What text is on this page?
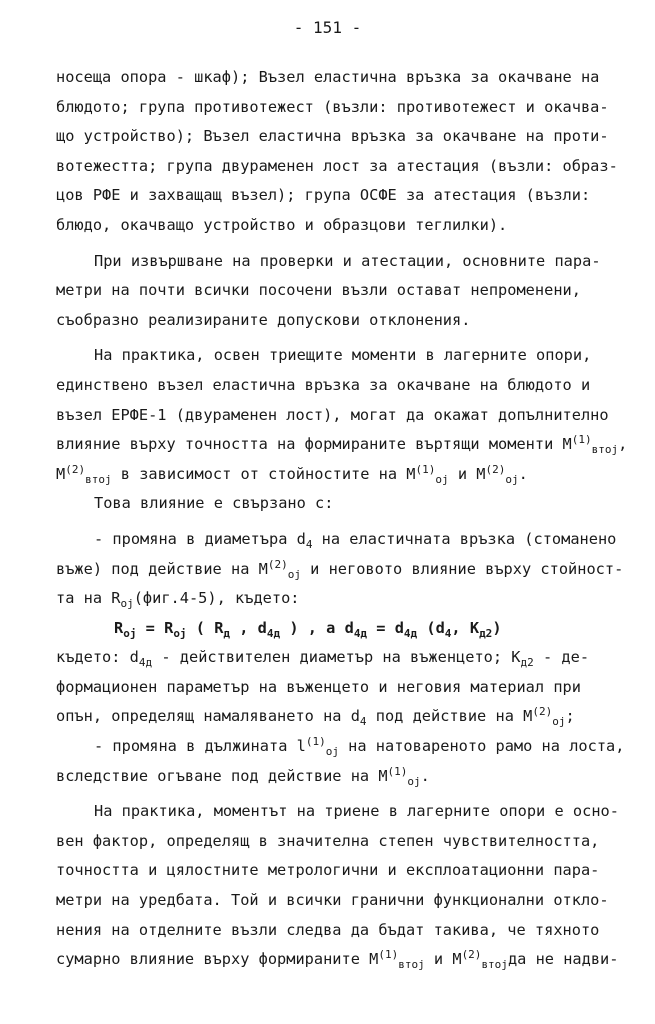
- 151 -
носеща опора - шкаф); Възел еластична връзка за окачване на
блюдото; група противотежест (възли: противотежест и окачва-
що устройство); Възел еластична връзка за окачване на проти-
вотежестта; група двураменен лост за атестация (възли: образ-
цов РФЕ и захващащ възел); група ОСФЕ за атестация (възли:
блюдо, окачващо устройство и образцови теглилки).
При извършване на проверки и атестации, основните пара-
метри на почти всички посочени възли остават непроменени,
съобразно реализираните допускови отклонения.
На практика, освен триещите моменти в лагерните опори,
единствено възел еластична връзка за окачване на блюдото и
възел ЕРФЕ-1 (двураменен лост), могат да окажат допълнително
влияние върху точността на формираните въртящи моменти $M^{(1)}_{втoj}$,
$M^{(2)}_{втoj}$ в зависимост от стойностите на $M^{(1)}_{oj}$ и $M^{(2)}_{oj}$.
Това влияние е свързано с:
- промяна в диаметъра $d_4$ на еластичната връзка (стоманено
въже) под действие на $M^{(2)}_{oj}$ и неговото влияние върху стойност-
та на $R_{oj}(фиг.4-5)$, където:
$R_{oj} = R_{oj}$ ( $R_д$ , $d_{4д}$ ) , a $d_{4д} = d_{4д}$ ($d_4$, $K_{д2}$)
където: $d_{4д}$ - действителен диаметър на въженцето; $K_{д2} - де-$
формационен параметър на въженцето и неговия материал при
опън, определящ намаляването на $d_4$ под действие на $M^{(2)}_{oj}$;
- промяна в дължината $l^{(1)}_{oj}$ на натовареното рамо на лоста,
вследствие огъване под действие на $M^{(1)}_{oj}$.
На практика, моментът на триене в лагерните опори е осно-
вен фактор, определящ в значителна степен чувствителността,
точността и цялостните метрологични и експлоатационни пара-
метри на уредбата. Той и всички гранични функционални откло-
нения на отделните възли следва да бъдат такива, че тяхното
сумарно влияние върху формираните $M^{(1)}_{втoj}$ и $M^{(2)}_{втoj}да$ не надви-
